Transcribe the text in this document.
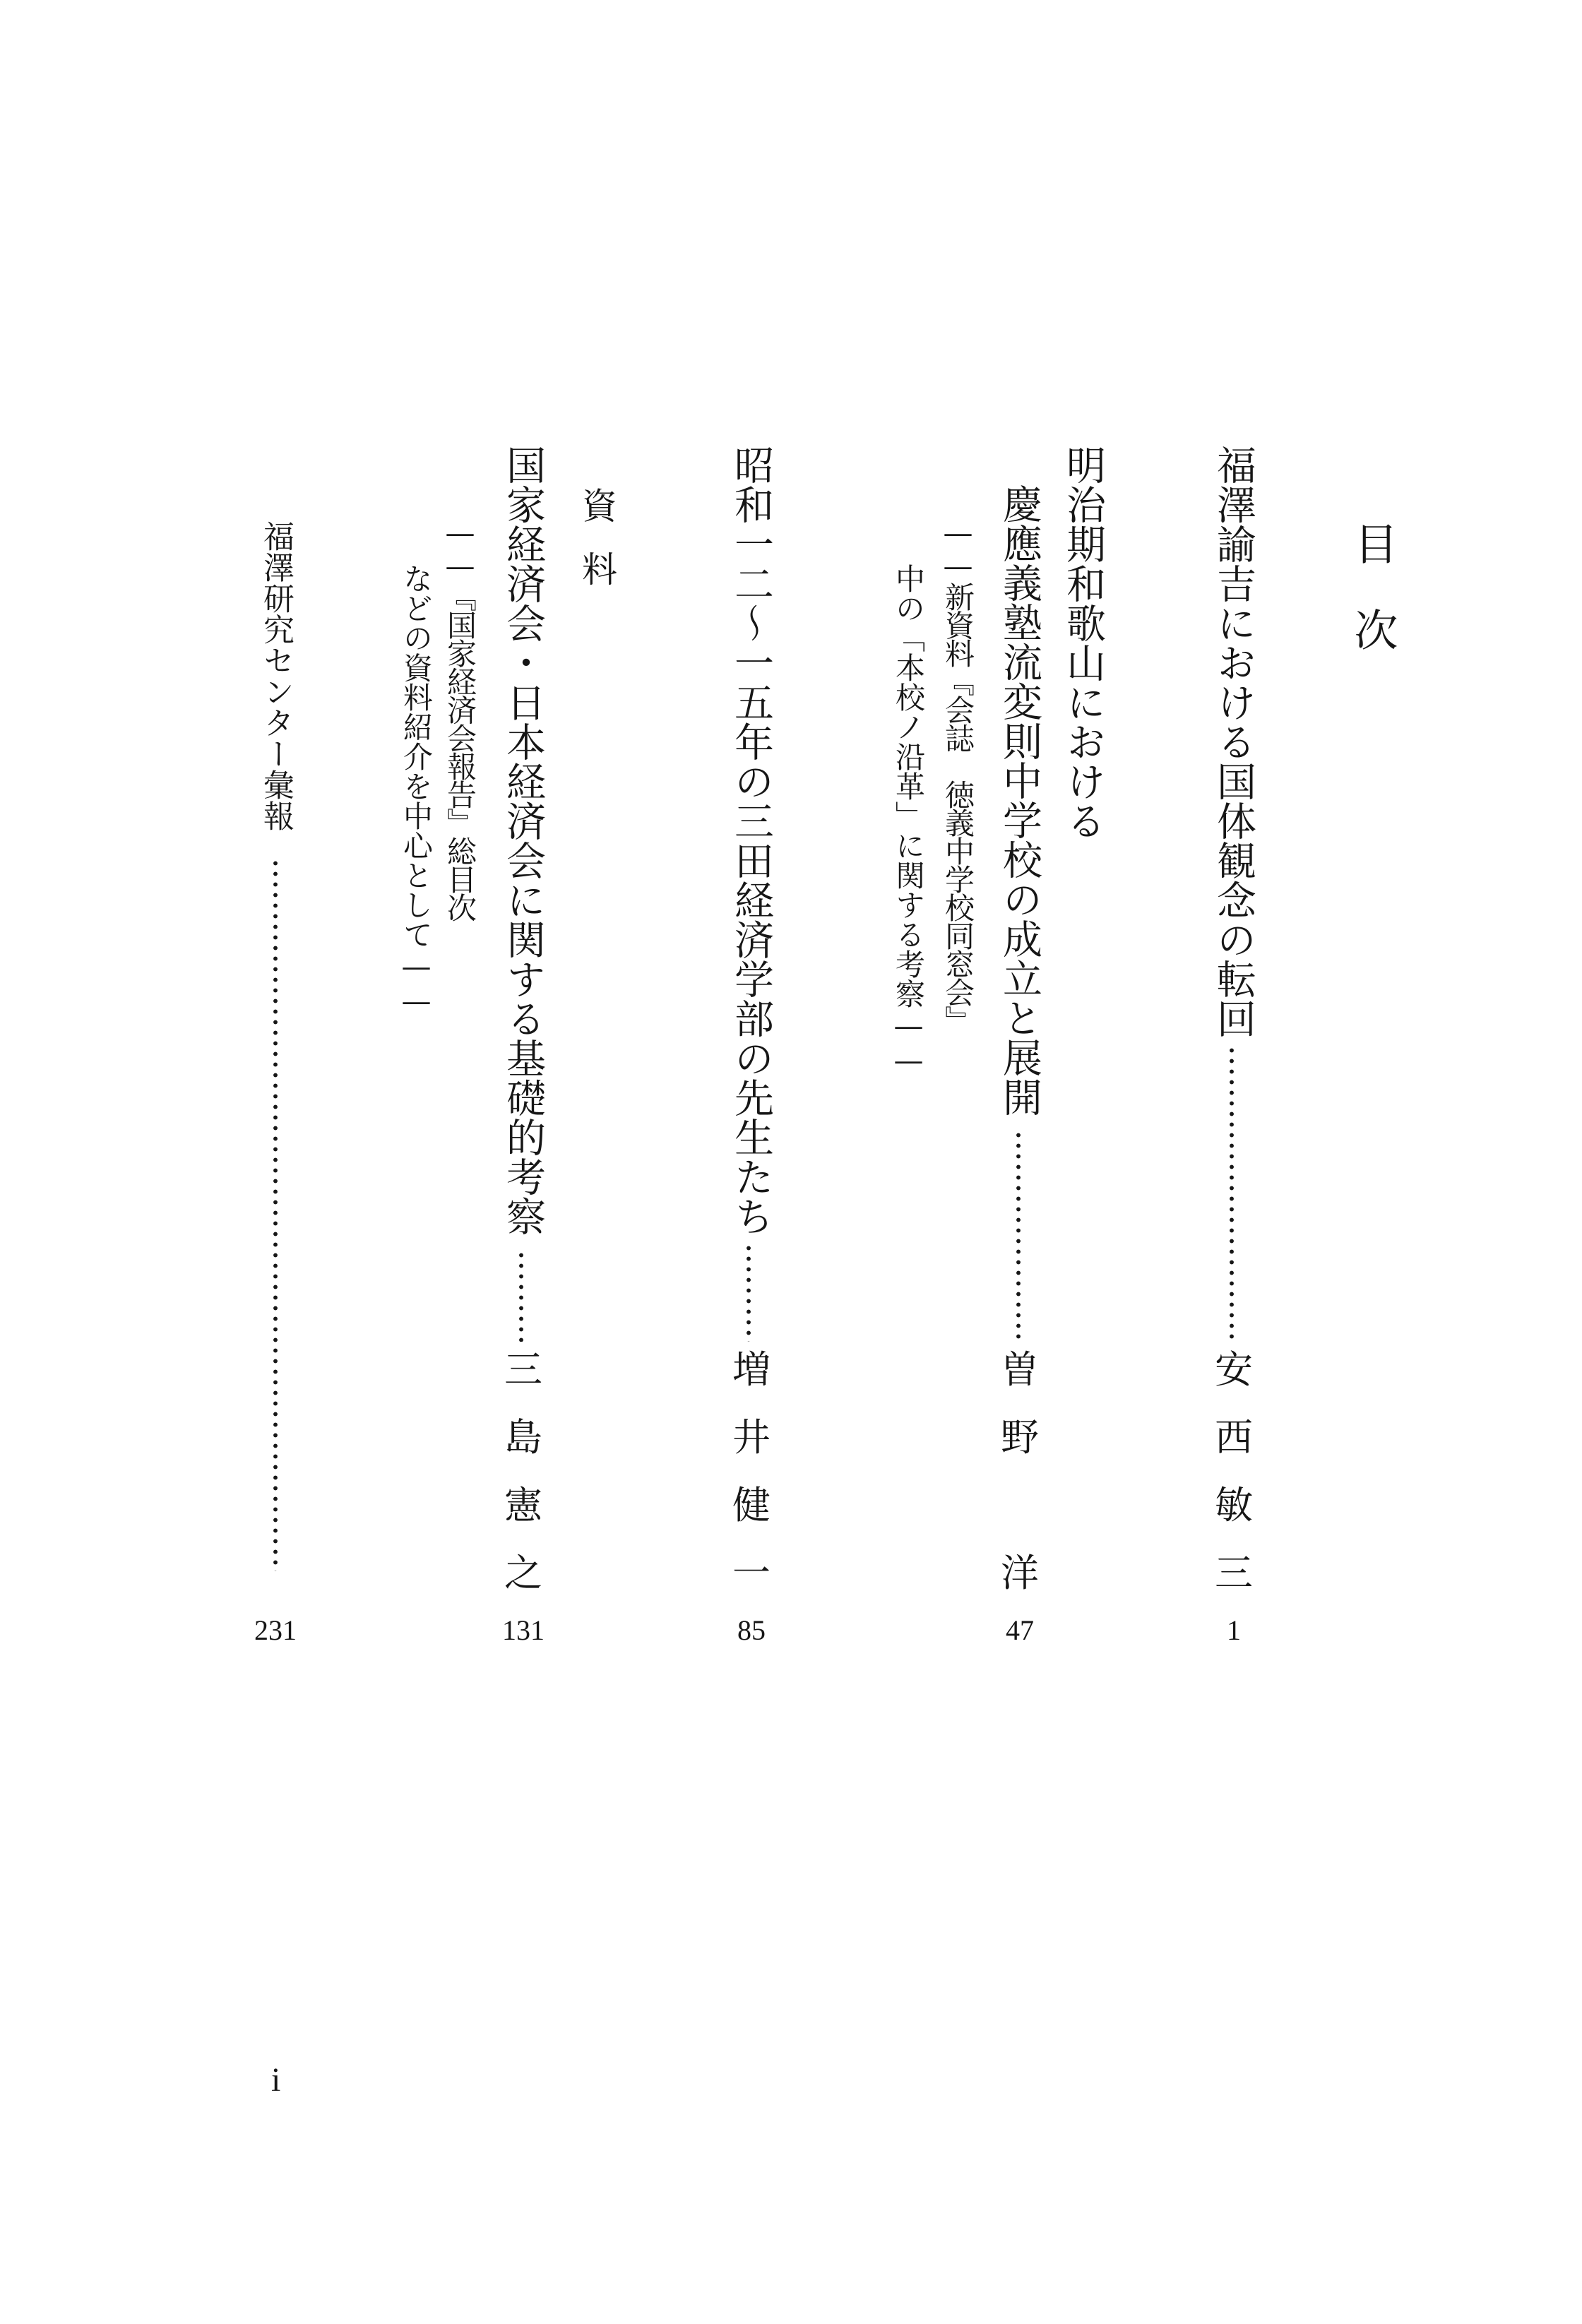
目次
福澤諭吉における国体観念の転回
安
西
敏
三
1
明治期和歌山における
慶應義塾流変則中学校の成立と展開
——新資料『会誌　徳義中学校同窓会』
中の「本校ノ沿革」に関する考察——
曽
野
洋
47
昭和一二〜一五年の三田経済学部の先生たち
増
井
健
一
85
資料
国家経済会・日本経済会に関する基礎的考察
——『国家経済会報告』総目次
などの資料紹介を中心として——
三
島
憲
之
131
福澤研究センター彙報
231
i
